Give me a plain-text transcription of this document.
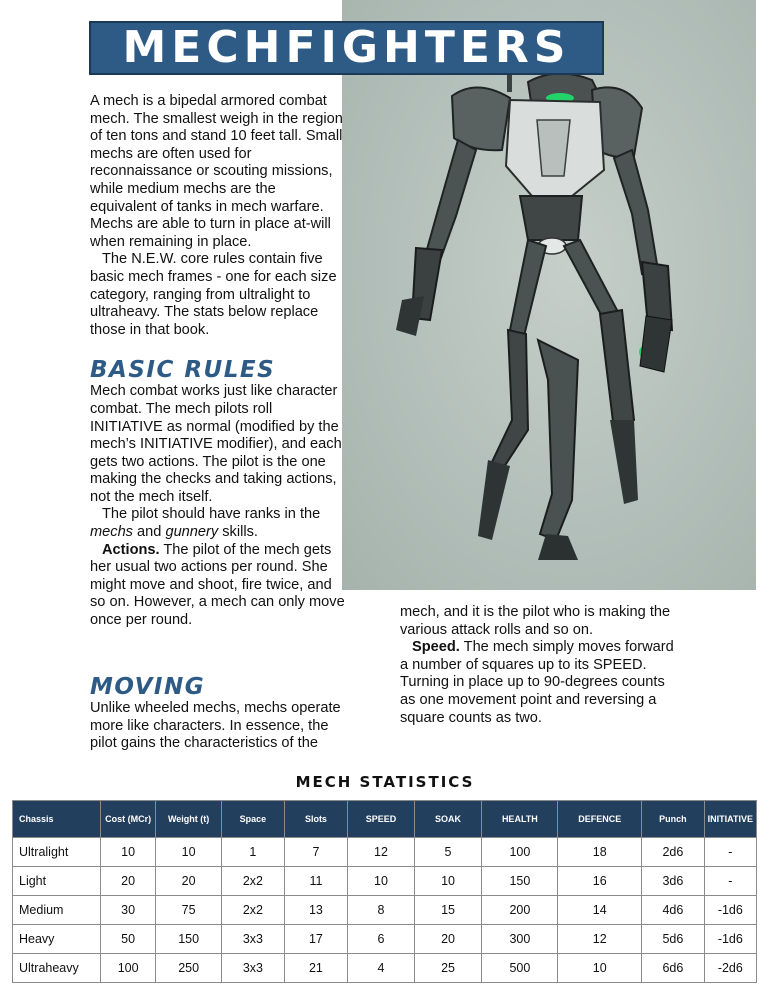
MECHFIGHTERS

A mech is a bipedal armored combat mech. The smallest weigh in the region of ten tons and stand 10 feet tall. Small mechs are often used for reconnaissance or scouting missions, while medium mechs are the equivalent of tanks in mech warfare. Mechs are able to turn in place at-will when remaining in place.

The N.E.W. core rules contain five basic mech frames - one for each size category, ranging from ultralight to ultraheavy. The stats below replace those in that book.

BASIC RULES

Mech combat works just like character combat. The mech pilots roll INITIATIVE as normal (modified by the mech’s INITIATIVE modifier), and each gets two actions. The pilot is the one making the checks and taking actions, not the mech itself.

The pilot should have ranks in the mechs and gunnery skills.

Actions. The pilot of the mech gets her usual two actions per round. She might move and shoot, fire twice, and so on. However, a mech can only move once per round.

MOVING

Unlike wheeled mechs, mechs operate more like characters. In essence, the pilot gains the characteristics of the

mech, and it is the pilot who is making the various attack rolls and so on.

Speed. The mech simply moves forward a number of squares up to its SPEED. Turning in place up to 90-degrees counts as one movement point and reversing a square counts as two.

MECH STATISTICS
Chassis	Cost (MCr)	Weight (t)	Space	Slots	SPEED	SOAK	HEALTH	DEFENCE	Punch	INITIATIVE
Ultralight	10	10	1	7	12	5	100	18	2d6	-
Light	20	20	2x2	11	10	10	150	16	3d6	-
Medium	30	75	2x2	13	8	15	200	14	4d6	-1d6
Heavy	50	150	3x3	17	6	20	300	12	5d6	-1d6
Ultraheavy	100	250	3x3	21	4	25	500	10	6d6	-2d6
